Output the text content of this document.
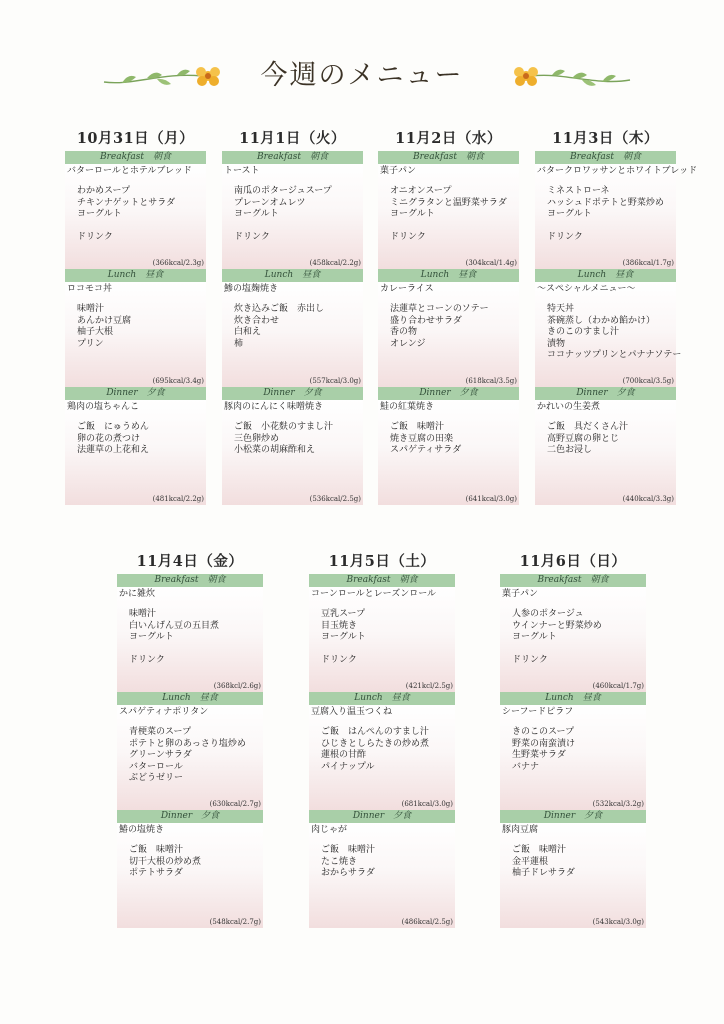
今週のメニュー
10月31日（月）
Breakfast　朝食
バターロールとホテルブレッド
わかめスープ
チキンナゲットとサラダ
ヨーグルト
ドリンク
(366kcal/2.3g)
Lunch　昼食
ロコモコ丼
味噌汁
あんかけ豆腐
柚子大根
プリン
(695kcal/3.4g)
Dinner　夕食
鶏肉の塩ちゃんこ
ご飯　にゅうめん
卵の花の煮つけ
法蓮草の上花和え
(481kcal/2.2g)
11月1日（火）
Breakfast　朝食
トースト
南瓜のポタージュスープ
プレーンオムレツ
ヨーグルト
ドリンク
(458kcal/2.2g)
Lunch　昼食
鯵の塩麹焼き
炊き込みご飯　赤出し
炊き合わせ
白和え
柿
(557kcal/3.0g)
Dinner　夕食
豚肉のにんにく味噌焼き
ご飯　小花麩のすまし汁
三色卵炒め
小松菜の胡麻酢和え
(536kcal/2.5g)
11月2日（水）
Breakfast　朝食
菓子パン
オニオンスープ
ミニグラタンと温野菜サラダ
ヨーグルト
ドリンク
(304kcal/1.4g)
Lunch　昼食
カレーライス
法蓮草とコーンのソテー
盛り合わせサラダ
香の物
オレンジ
(618kcal/3.5g)
Dinner　夕食
鮭の紅葉焼き
ご飯　味噌汁
焼き豆腐の田楽
スパゲティサラダ
(641kcal/3.0g)
11月3日（木）
Breakfast　朝食
バタークロワッサンとホワイトブレッド
ミネストローネ
ハッシュドポテトと野菜炒め
ヨーグルト
ドリンク
(386kcal/1.7g)
Lunch　昼食
～スペシャルメニュー～
特天丼
茶碗蒸し（わかめ餡かけ）
きのこのすまし汁
漬物
ココナッツプリンとパナナソテー
(700kcal/3.5g)
Dinner　夕食
かれいの生姜煮
ご飯　具だくさん汁
高野豆腐の卵とじ
二色お浸し
(440kcal/3.3g)
11月4日（金）
Breakfast　朝食
かに雑炊
味噌汁
白いんげん豆の五目煮
ヨーグルト
ドリンク
(368kcl/2.6g)
Lunch　昼食
スパゲティナポリタン
青梗菜のスープ
ポテトと卵のあっさり塩炒め
グリーンサラダ
バターロール
ぶどうゼリー
(630kcal/2.7g)
Dinner　夕食
鰆の塩焼き
ご飯　味噌汁
切干大根の炒め煮
ポテトサラダ
(548kcal/2.7g)
11月5日（土）
Breakfast　朝食
コーンロールとレーズンロール
豆乳スープ
目玉焼き
ヨーグルト
ドリンク
(421kcl/2.5g)
Lunch　昼食
豆腐入り温玉つくね
ご飯　はんぺんのすまし汁
ひじきとしらたきの炒め煮
蓮根の甘酢
パイナップル
(681kcal/3.0g)
Dinner　夕食
肉じゃが
ご飯　味噌汁
たこ焼き
おからサラダ
(486kcal/2.5g)
11月6日（日）
Breakfast　朝食
菓子パン
人参のポタージュ
ウインナーと野菜炒め
ヨーグルト
ドリンク
(460kcal/1.7g)
Lunch　昼食
シーフードピラフ
きのこのスープ
野菜の南蛮漬け
生野菜サラダ
バナナ
(532kcal/3.2g)
Dinner　夕食
豚肉豆腐
ご飯　味噌汁
金平蓮根
柚子ドレサラダ
(543kcal/3.0g)
